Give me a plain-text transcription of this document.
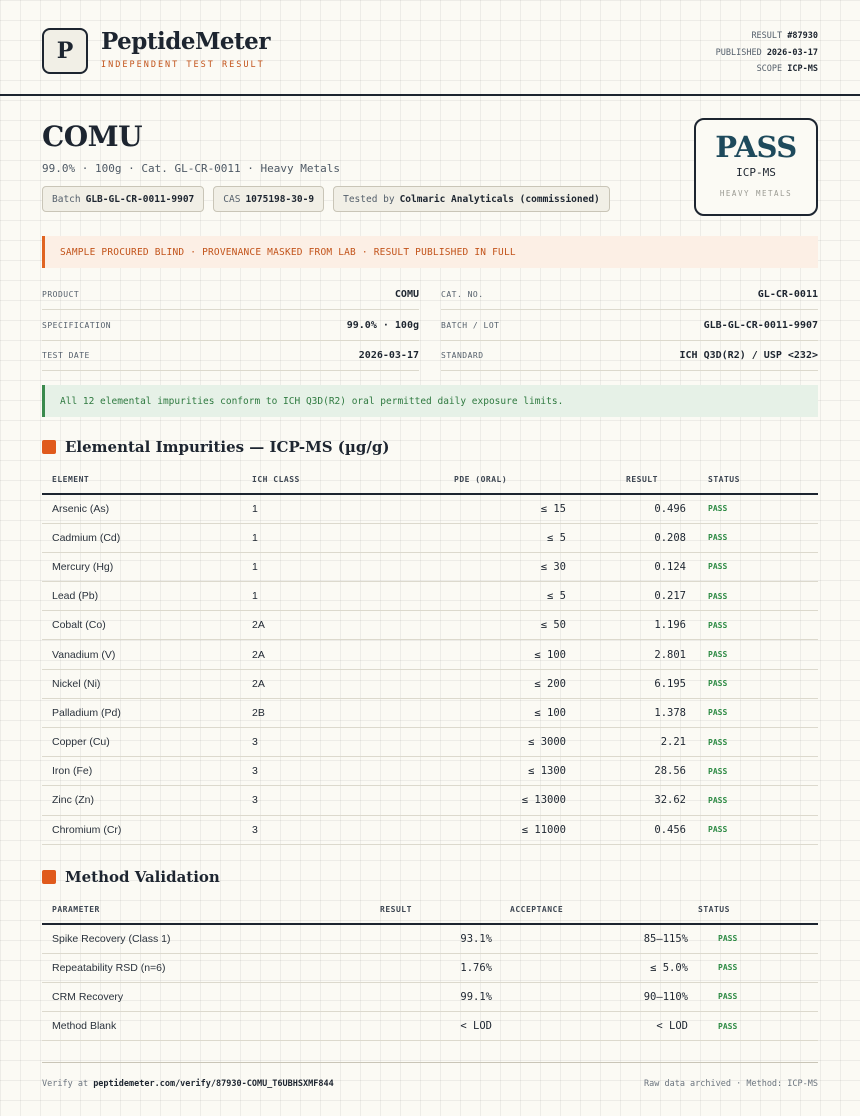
P	PeptideMeter
INDEPENDENT TEST RESULT
RESULT #87930
PUBLISHED 2026-03-17
SCOPE ICP-MS
COMU
99.0% · 100g · Cat. GL-CR-0011 · Heavy Metals
Batch GLB-GL-CR-0011-9907	CAS 1075198-30-9	Tested by Colmaric Analyticals (commissioned)
PASS
ICP-MS
HEAVY METALS
SAMPLE PROCURED BLIND · PROVENANCE MASKED FROM LAB · RESULT PUBLISHED IN FULL
PRODUCT	COMU
SPECIFICATION	99.0% · 100g
TEST DATE	2026-03-17
CAT. NO.	GL-CR-0011
BATCH / LOT	GLB-GL-CR-0011-9907
STANDARD	ICH Q3D(R2) / USP <232>
All 12 elemental impurities conform to ICH Q3D(R2) oral permitted daily exposure limits.
Elemental Impurities — ICP-MS (µg/g)
ELEMENT	ICH CLASS	PDE (ORAL)	RESULT	STATUS
Arsenic (As)	1	≤ 15	0.496	PASS
Cadmium (Cd)	1	≤ 5	0.208	PASS
Mercury (Hg)	1	≤ 30	0.124	PASS
Lead (Pb)	1	≤ 5	0.217	PASS
Cobalt (Co)	2A	≤ 50	1.196	PASS
Vanadium (V)	2A	≤ 100	2.801	PASS
Nickel (Ni)	2A	≤ 200	6.195	PASS
Palladium (Pd)	2B	≤ 100	1.378	PASS
Copper (Cu)	3	≤ 3000	2.21	PASS
Iron (Fe)	3	≤ 1300	28.56	PASS
Zinc (Zn)	3	≤ 13000	32.62	PASS
Chromium (Cr)	3	≤ 11000	0.456	PASS
Method Validation
PARAMETER	RESULT	ACCEPTANCE	STATUS
Spike Recovery (Class 1)	93.1%	85–115%	PASS
Repeatability RSD (n=6)	1.76%	≤ 5.0%	PASS
CRM Recovery	99.1%	90–110%	PASS
Method Blank	< LOD	< LOD	PASS
Verify at peptidemeter.com/verify/87930-COMU_T6UBHSXMF844	Raw data archived · Method: ICP-MS
